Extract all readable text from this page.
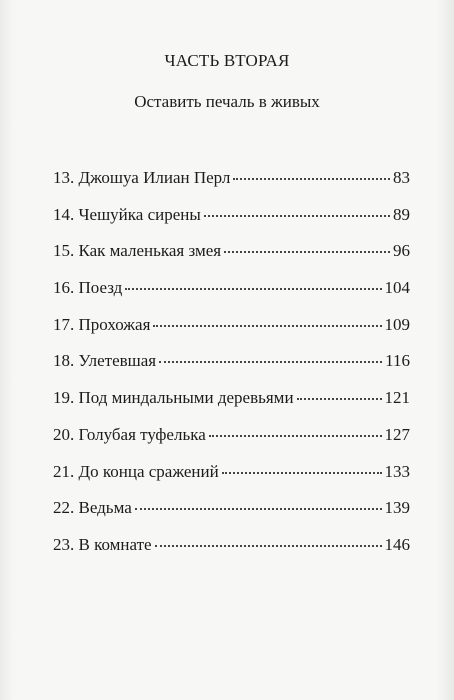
ЧАСТЬ ВТОРАЯ
Оставить печаль в живых
13. Джошуа Илиан Перл	83
14. Чешуйка сирены	89
15. Как маленькая змея	96
16. Поезд	104
17. Прохожая	109
18. Улетевшая	116
19. Под миндальными деревьями	121
20. Голубая туфелька	127
21. До конца сражений	133
22. Ведьма	139
23. В комнате	146
